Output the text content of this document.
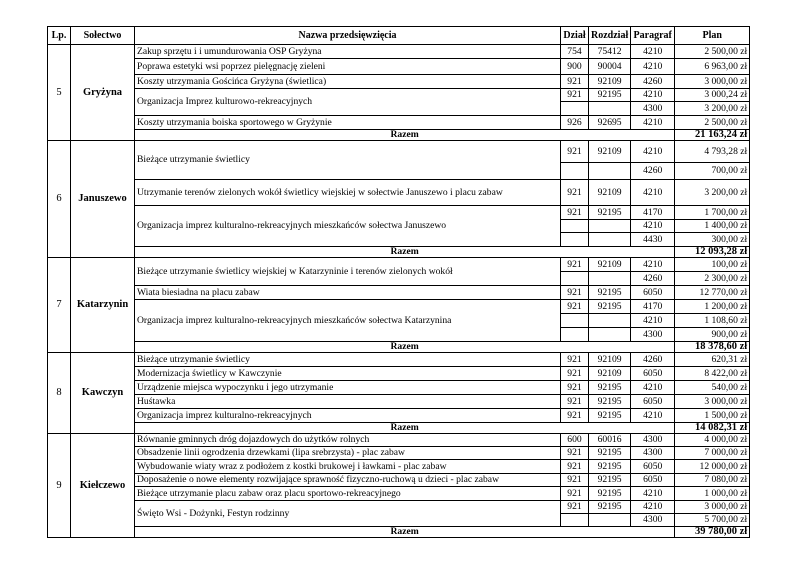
Lp.	Sołectwo	Nazwa przedsięwzięcia	Dział	Rozdział	Paragraf	Plan
5	Gryżyna	Zakup sprzętu i i umundurowania OSP Gryżyna	754	75412	4210	2 500,00 zł
		Poprawa estetyki wsi poprzez pielęgnację zieleni	900	90004	4210	6 963,00 zł
		Koszty utrzymania Gościńca Gryżyna (świetlica)	921	92109	4260	3 000,00 zł
		Organizacja Imprez kulturowo-rekreacyjnych	921	92195	4210	3 000,24 zł
					4300	3 200,00 zł
		Koszty utrzymania boiska sportowego w Gryżynie	926	92695	4210	2 500,00 zł
		Razem				21 163,24 zł
6	Januszewo	Bieżące utrzymanie świetlicy	921	92109	4210	4 793,28 zł
					4260	700,00 zł
		Utrzymanie terenów zielonych wokół świetlicy wiejskiej w sołectwie Januszewo i placu zabaw	921	92109	4210	3 200,00 zł
		Organizacja imprez kulturalno-rekreacyjnych mieszkańców sołectwa Januszewo	921	92195	4170	1 700,00 zł
					4210	1 400,00 zł
					4430	300,00 zł
		Razem				12 093,28 zł
7	Katarzynin	Bieżące utrzymanie świetlicy wiejskiej w Katarzyninie i terenów zielonych wokół	921	92109	4210	100,00 zł
					4260	2 300,00 zł
		Wiata biesiadna na placu zabaw	921	92195	6050	12 770,00 zł
		Organizacja imprez kulturalno-rekreacyjnych mieszkańców sołectwa Katarzynina	921	92195	4170	1 200,00 zł
					4210	1 108,60 zł
					4300	900,00 zł
		Razem				18 378,60 zł
8	Kawczyn	Bieżące utrzymanie świetlicy	921	92109	4260	620,31 zł
		Modernizacja świetlicy w Kawczynie	921	92109	6050	8 422,00 zł
		Urządzenie miejsca wypoczynku i jego utrzymanie	921	92195	4210	540,00 zł
		Huśtawka	921	92195	6050	3 000,00 zł
		Organizacja imprez kulturalno-rekreacyjnych	921	92195	4210	1 500,00 zł
		Razem				14 082,31 zł
9	Kiełczewo	Równanie gminnych dróg dojazdowych do użytków rolnych	600	60016	4300	4 000,00 zł
		Obsadzenie linii ogrodzenia drzewkami (lipa srebrzysta) - plac zabaw	921	92195	4300	7 000,00 zł
		Wybudowanie wiaty wraz z podłożem z kostki brukowej i ławkami - plac zabaw	921	92195	6050	12 000,00 zł
		Doposażenie o nowe elementy rozwijające sprawność fizyczno-ruchową u dzieci - plac zabaw	921	92195	6050	7 080,00 zł
		Bieżące utrzymanie placu zabaw oraz placu sportowo-rekreacyjnego	921	92195	4210	1 000,00 zł
		Święto Wsi - Dożynki, Festyn rodzinny	921	92195	4210	3 000,00 zł
					4300	5 700,00 zł
		Razem				39 780,00 zł
